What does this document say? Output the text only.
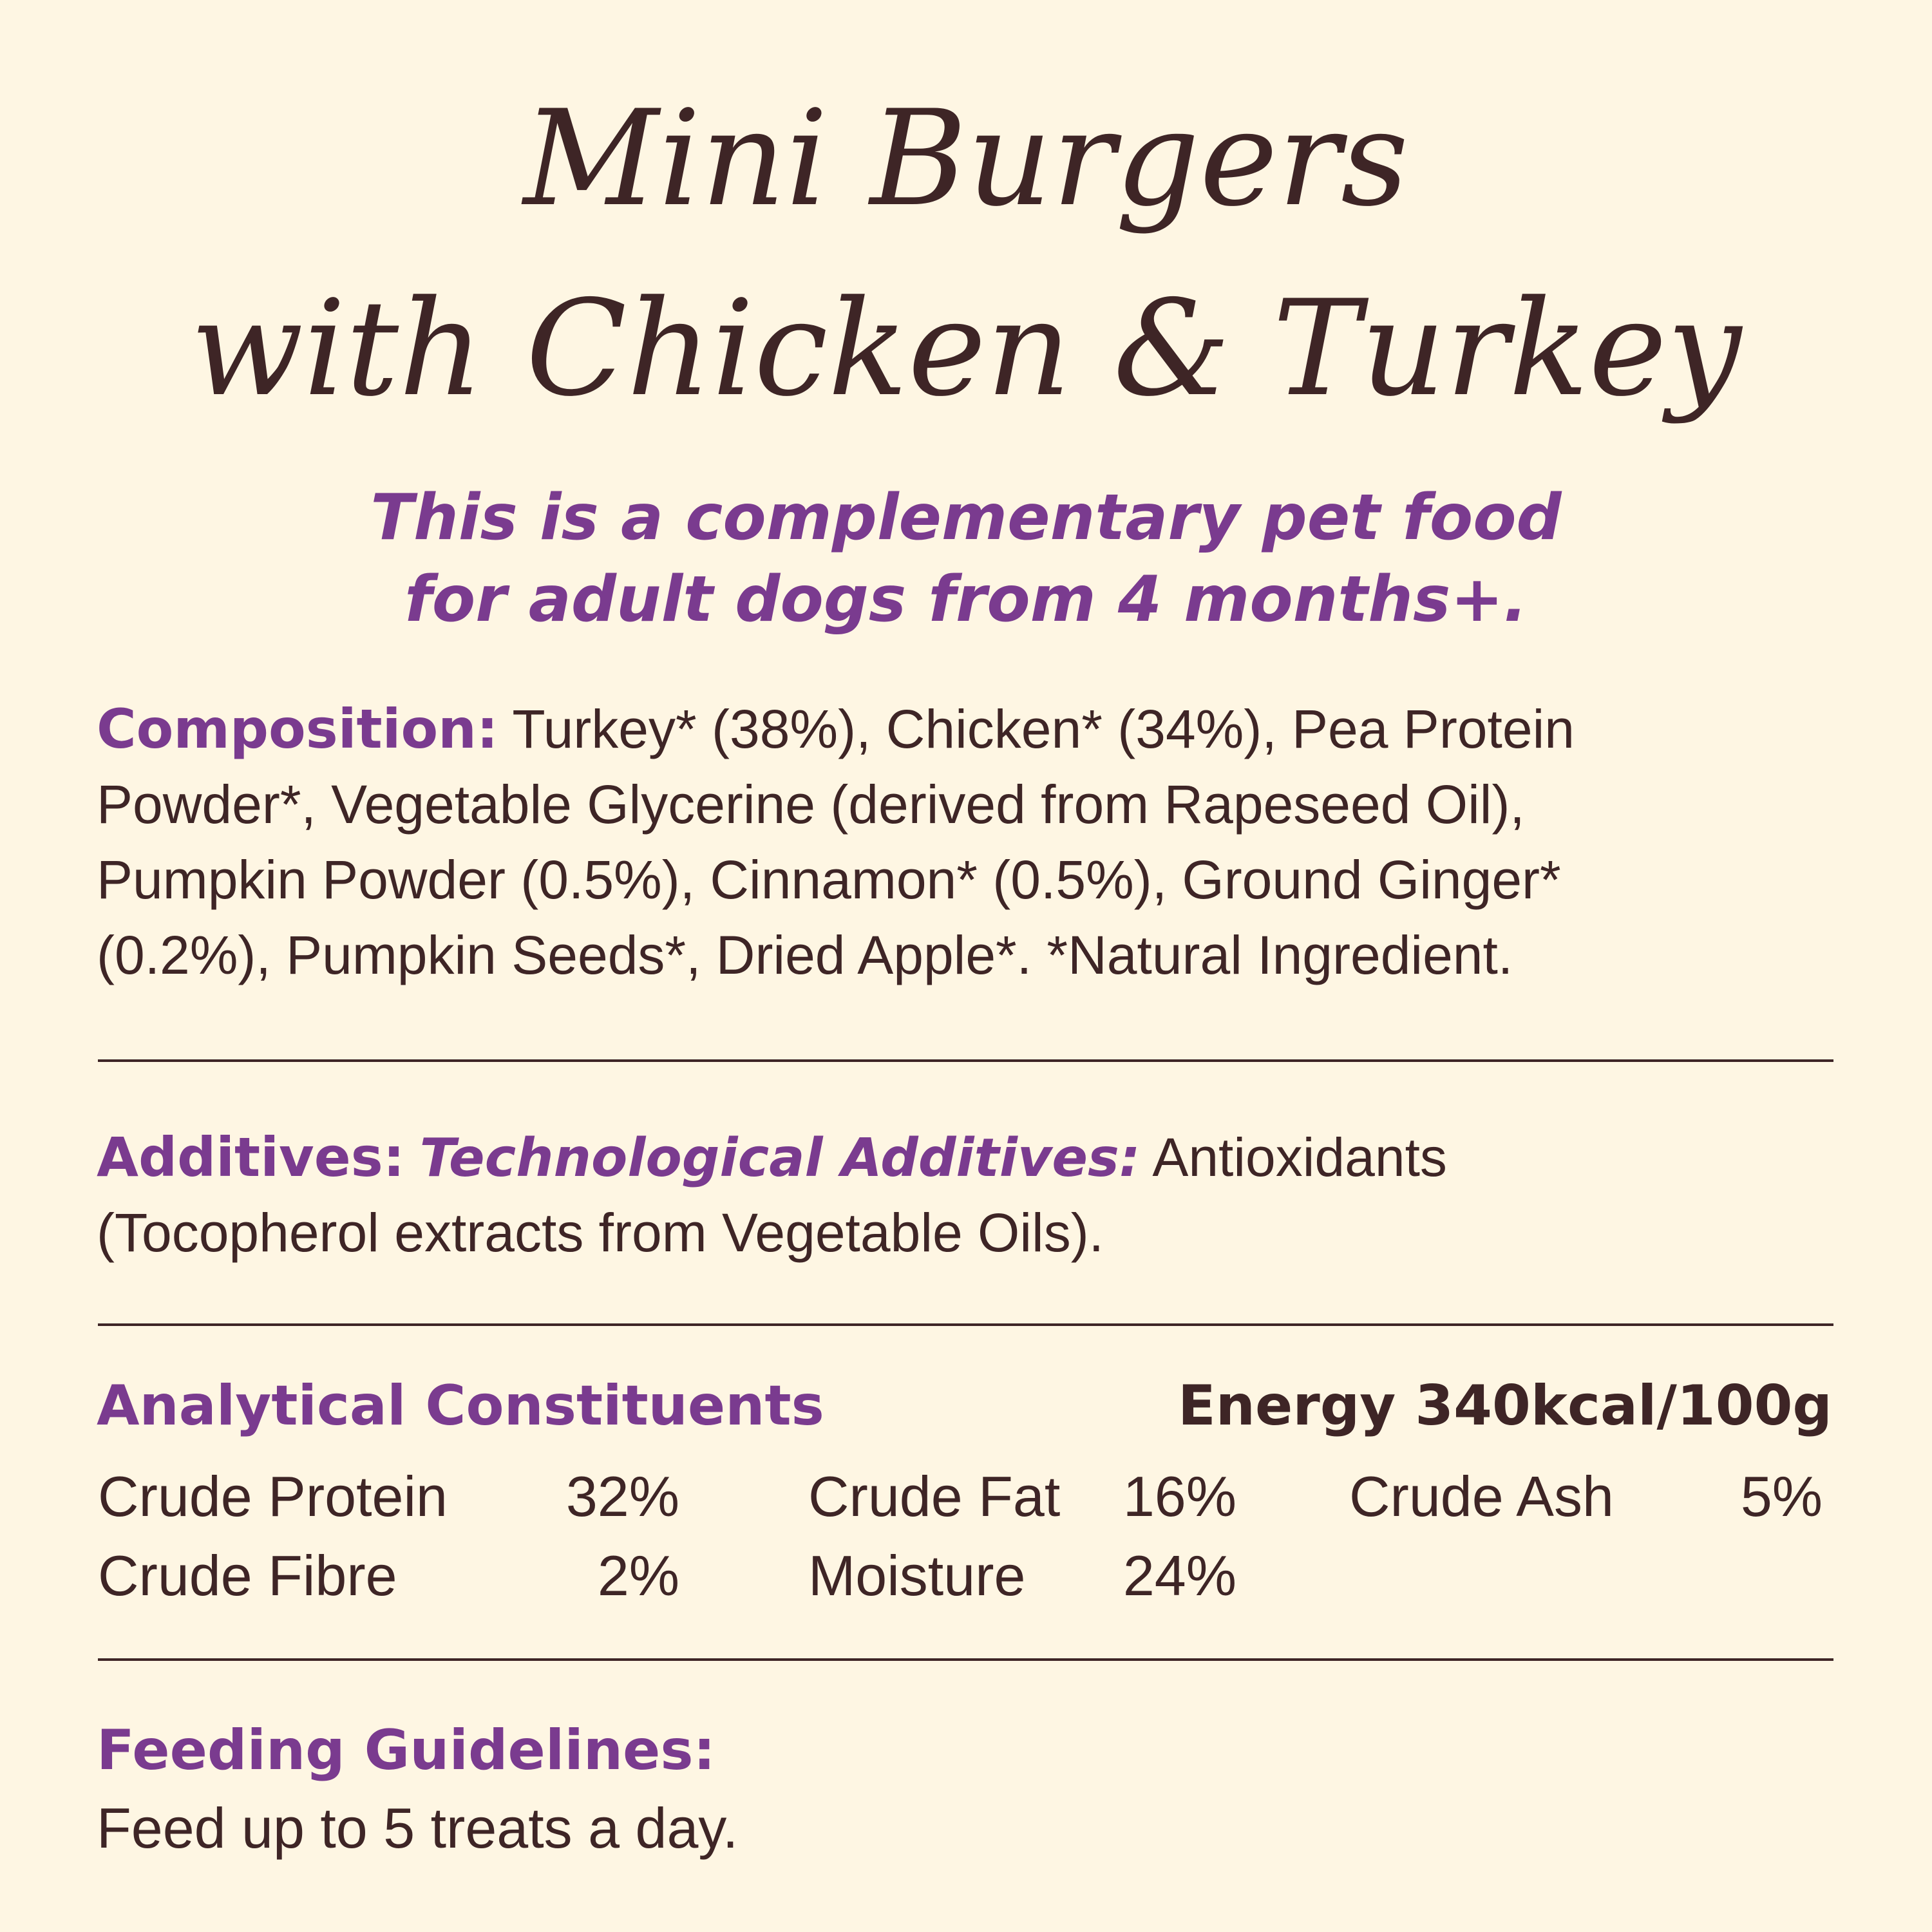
Mini Burgers
with Chicken & Turkey
This is a complementary pet food
for adult dogs from 4 months+.
Composition: Turkey* (38%), Chicken* (34%), Pea Protein
Powder*, Vegetable Glycerine (derived from Rapeseed Oil),
Pumpkin Powder (0.5%), Cinnamon* (0.5%), Ground Ginger*
(0.2%), Pumpkin Seeds*, Dried Apple*. *Natural Ingredient.
Additives: Technological Additives: Antioxidants
(Tocopherol extracts from Vegetable Oils).
Analytical Constituents	Energy 340kcal/100g
Crude Protein	32% Crude Fat 16% Crude Ash	5%
Crude Fibre	2% Moisture 24%
Feeding Guidelines:
Feed up to 5 treats a day.
